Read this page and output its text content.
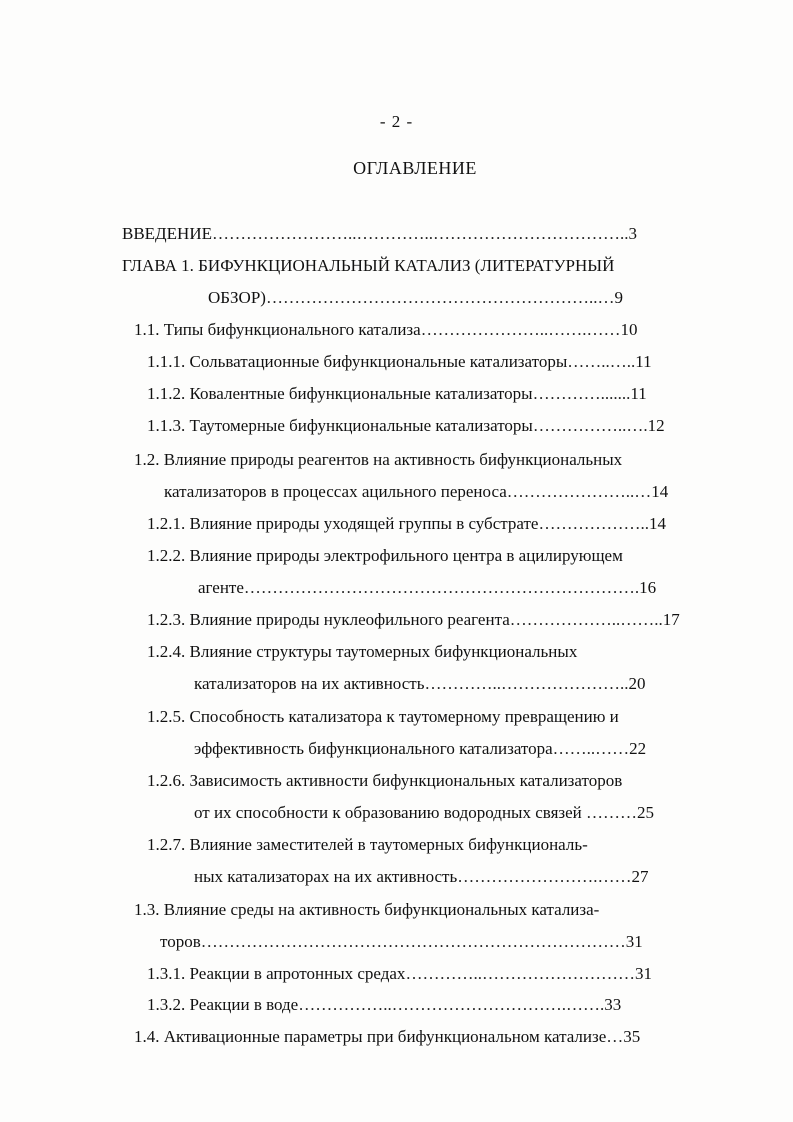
- 2 -
ОГЛАВЛЕНИЕ
ВВЕДЕНИЕ……………………..…………..……………………………..3
ГЛАВА 1. БИФУНКЦИОНАЛЬНЫЙ КАТАЛИЗ (ЛИТЕРАТУРНЫЙ
ОБЗОР)…………………………………………………..…9
1.1. Типы бифункционального катализа…………………..…….……10
1.1.1. Сольватационные бифункциональные катализаторы……..…..11
1.1.2. Ковалентные бифункциональные катализаторы………….......11
1.1.3. Таутомерные бифункциональные катализаторы……………..….12
1.2. Влияние природы реагентов на активность бифункциональных
катализаторов в процессах ацильного переноса…………………..…14
1.2.1. Влияние природы уходящей группы в субстрате………………..14
1.2.2. Влияние природы электрофильного центра в ацилирующем
агенте…………………………………………………………….16
1.2.3. Влияние природы нуклеофильного реагента………………..……..17
1.2.4. Влияние структуры таутомерных бифункциональных
катализаторов на их активность…………..…………………..20
1.2.5. Способность катализатора к таутомерному превращению и
эффективность бифункционального катализатора……..……22
1.2.6. Зависимость активности бифункциональных катализаторов
от их способности к образованию водородных связей ………25
1.2.7. Влияние заместителей в таутомерных бифункциональ-
ных катализаторах на их активность…………………….……27
1.3. Влияние среды на активность бифункциональных катализа-
торов…………………………………………………………………31
1.3.1. Реакции в апротонных средах…………..………………………31
1.3.2. Реакции в воде……………..………………………….…….33
1.4. Активационные параметры при бифункциональном катализе…35
